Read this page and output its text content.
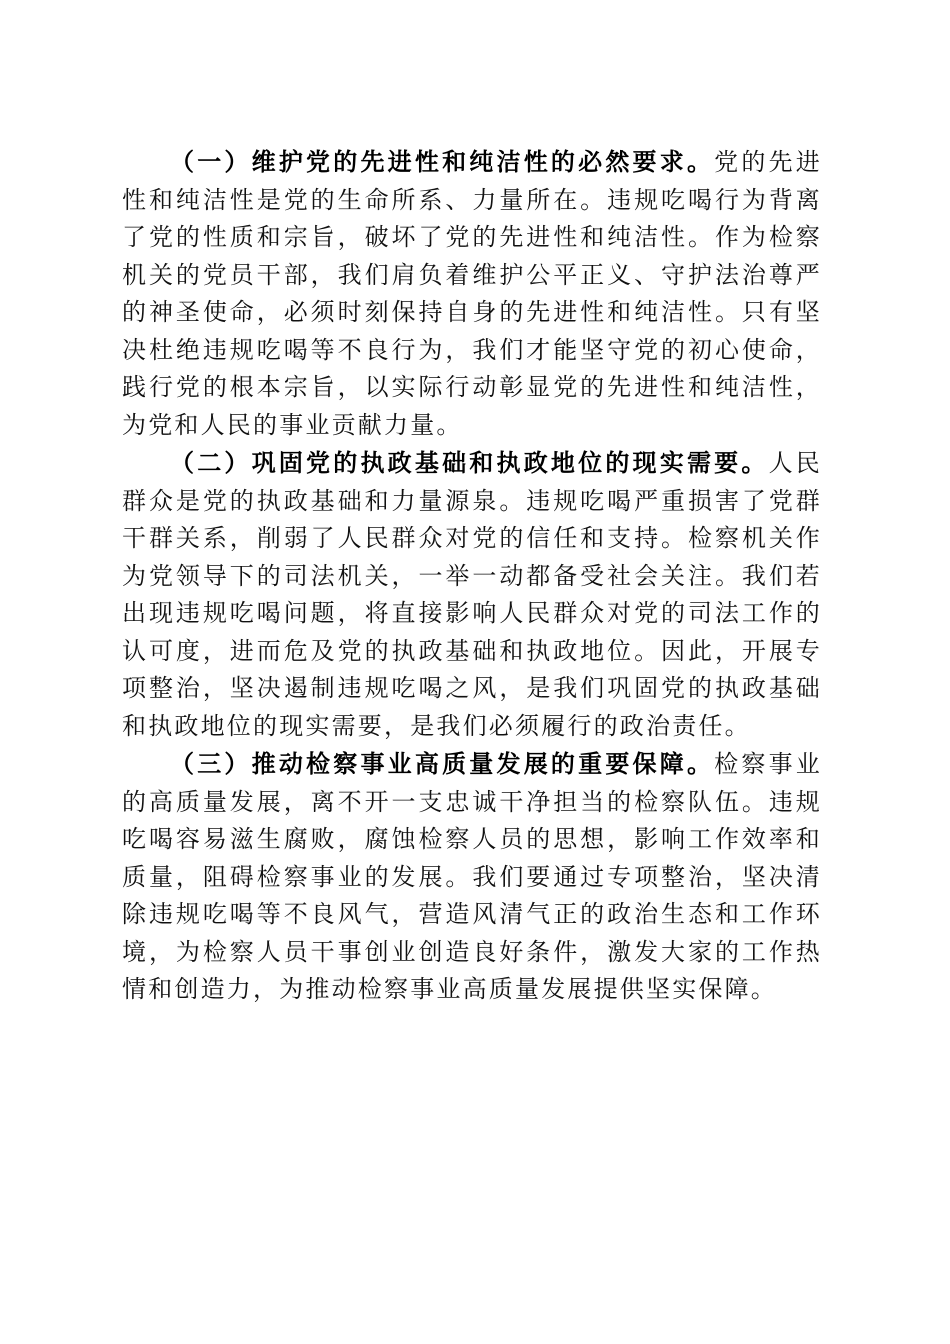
（一）维护党的先进性和纯洁性的必然要求。党的先进性和纯洁性是党的生命所系、力量所在。违规吃喝行为背离了党的性质和宗旨，破坏了党的先进性和纯洁性。作为检察机关的党员干部，我们肩负着维护公平正义、守护法治尊严的神圣使命，必须时刻保持自身的先进性和纯洁性。只有坚决杜绝违规吃喝等不良行为，我们才能坚守党的初心使命，践行党的根本宗旨，以实际行动彰显党的先进性和纯洁性，为党和人民的事业贡献力量。

（二）巩固党的执政基础和执政地位的现实需要。人民群众是党的执政基础和力量源泉。违规吃喝严重损害了党群干群关系，削弱了人民群众对党的信任和支持。检察机关作为党领导下的司法机关，一举一动都备受社会关注。我们若出现违规吃喝问题，将直接影响人民群众对党的司法工作的认可度，进而危及党的执政基础和执政地位。因此，开展专项整治，坚决遏制违规吃喝之风，是我们巩固党的执政基础和执政地位的现实需要，是我们必须履行的政治责任。

（三）推动检察事业高质量发展的重要保障。检察事业的高质量发展，离不开一支忠诚干净担当的检察队伍。违规吃喝容易滋生腐败，腐蚀检察人员的思想，影响工作效率和质量，阻碍检察事业的发展。我们要通过专项整治，坚决清除违规吃喝等不良风气，营造风清气正的政治生态和工作环境，为检察人员干事创业创造良好条件，激发大家的工作热情和创造力，为推动检察事业高质量发展提供坚实保障。
